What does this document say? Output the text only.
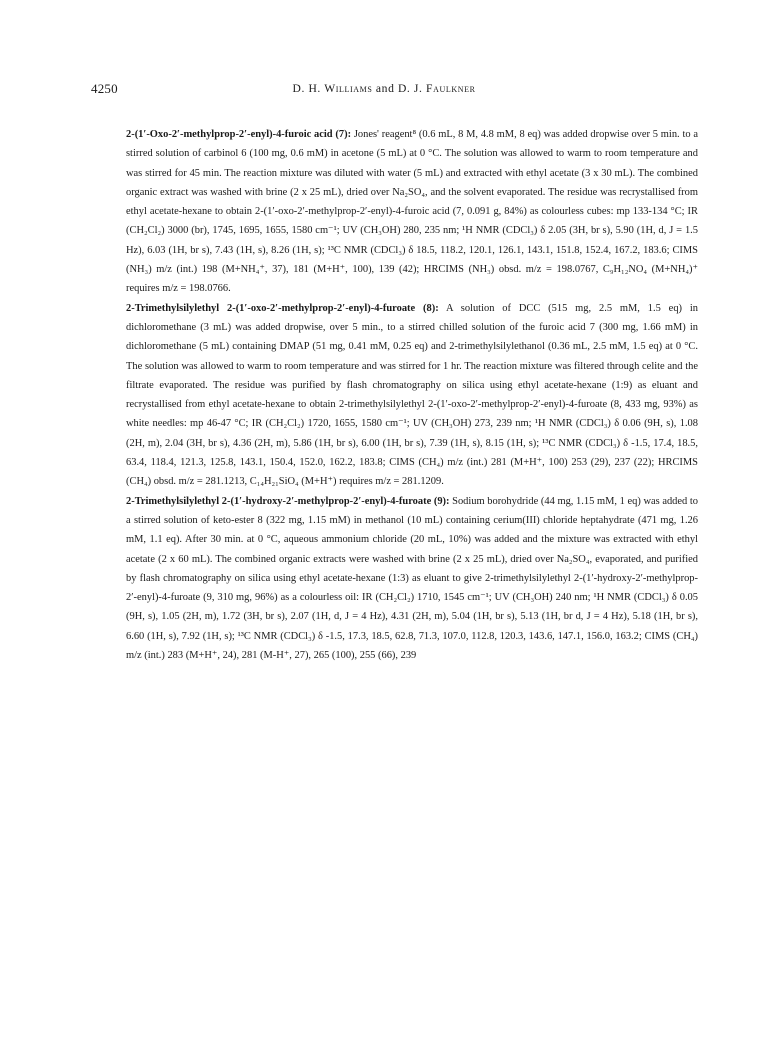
4250	D. H. Williams and D. J. Faulkner

2-(1′-Oxo-2′-methylprop-2′-enyl)-4-furoic acid (7): Jones' reagent⁸ (0.6 mL, 8 M, 4.8 mM, 8 eq) was added dropwise over 5 min. to a stirred solution of carbinol 6 (100 mg, 0.6 mM) in acetone (5 mL) at 0 °C. The solution was allowed to warm to room temperature and was stirred for 45 min. The reaction mixture was diluted with water (5 mL) and extracted with ethyl acetate (3 x 30 mL). The combined organic extract was washed with brine (2 x 25 mL), dried over Na₂SO₄, and the solvent evaporated. The residue was recrystallised from ethyl acetate-hexane to obtain 2-(1′-oxo-2′-methylprop-2′-enyl)-4-furoic acid (7, 0.091 g, 84%) as colourless cubes: mp 133-134 °C; IR (CH₂Cl₂) 3000 (br), 1745, 1695, 1655, 1580 cm⁻¹; UV (CH₃OH) 280, 235 nm; ¹H NMR (CDCl₃) δ 2.05 (3H, br s), 5.90 (1H, d, J = 1.5 Hz), 6.03 (1H, br s), 7.43 (1H, s), 8.26 (1H, s); ¹³C NMR (CDCl₃) δ 18.5, 118.2, 120.1, 126.1, 143.1, 151.8, 152.4, 167.2, 183.6; CIMS (NH₃) m/z (int.) 198 (M+NH₄⁺, 37), 181 (M+H⁺, 100), 139 (42); HRCIMS (NH₃) obsd. m/z = 198.0767, C₉H₁₂NO₄ (M+NH₄)⁺ requires m/z = 198.0766.

2-Trimethylsilylethyl 2-(1′-oxo-2′-methylprop-2′-enyl)-4-furoate (8): A solution of DCC (515 mg, 2.5 mM, 1.5 eq) in dichloromethane (3 mL) was added dropwise, over 5 min., to a stirred chilled solution of the furoic acid 7 (300 mg, 1.66 mM) in dichloromethane (5 mL) containing DMAP (51 mg, 0.41 mM, 0.25 eq) and 2-trimethylsilylethanol (0.36 mL, 2.5 mM, 1.5 eq) at 0 °C. The solution was allowed to warm to room temperature and was stirred for 1 hr. The reaction mixture was filtered through celite and the filtrate evaporated. The residue was purified by flash chromatography on silica using ethyl acetate-hexane (1:9) as eluant and recrystallised from ethyl acetate-hexane to obtain 2-trimethylsilylethyl 2-(1′-oxo-2′-methylprop-2′-enyl)-4-furoate (8, 433 mg, 93%) as white needles: mp 46-47 °C; IR (CH₂Cl₂) 1720, 1655, 1580 cm⁻¹; UV (CH₃OH) 273, 239 nm; ¹H NMR (CDCl₃) δ 0.06 (9H, s), 1.08 (2H, m), 2.04 (3H, br s), 4.36 (2H, m), 5.86 (1H, br s), 6.00 (1H, br s), 7.39 (1H, s), 8.15 (1H, s); ¹³C NMR (CDCl₃) δ -1.5, 17.4, 18.5, 63.4, 118.4, 121.3, 125.8, 143.1, 150.4, 152.0, 162.2, 183.8; CIMS (CH₄) m/z (int.) 281 (M+H⁺, 100) 253 (29), 237 (22); HRCIMS (CH₄) obsd. m/z = 281.1213, C₁₄H₂₁SiO₄ (M+H⁺) requires m/z = 281.1209.

2-Trimethylsilylethyl 2-(1′-hydroxy-2′-methylprop-2′-enyl)-4-furoate (9): Sodium borohydride (44 mg, 1.15 mM, 1 eq) was added to a stirred solution of keto-ester 8 (322 mg, 1.15 mM) in methanol (10 mL) containing cerium(III) chloride heptahydrate (471 mg, 1.26 mM, 1.1 eq). After 30 min. at 0 °C, aqueous ammonium chloride (20 mL, 10%) was added and the mixture was extracted with ethyl acetate (2 x 60 mL). The combined organic extracts were washed with brine (2 x 25 mL), dried over Na₂SO₄, evaporated, and purified by flash chromatography on silica using ethyl acetate-hexane (1:3) as eluant to give 2-trimethylsilylethyl 2-(1′-hydroxy-2′-methylprop-2′-enyl)-4-furoate (9, 310 mg, 96%) as a colourless oil: IR (CH₂Cl₂) 1710, 1545 cm⁻¹; UV (CH₃OH) 240 nm; ¹H NMR (CDCl₃) δ 0.05 (9H, s), 1.05 (2H, m), 1.72 (3H, br s), 2.07 (1H, d, J = 4 Hz), 4.31 (2H, m), 5.04 (1H, br s), 5.13 (1H, br d, J = 4 Hz), 5.18 (1H, br s), 6.60 (1H, s), 7.92 (1H, s); ¹³C NMR (CDCl₃) δ -1.5, 17.3, 18.5, 62.8, 71.3, 107.0, 112.8, 120.3, 143.6, 147.1, 156.0, 163.2; CIMS (CH₄) m/z (int.) 283 (M+H⁺, 24), 281 (M-H⁺, 27), 265 (100), 255 (66), 239
